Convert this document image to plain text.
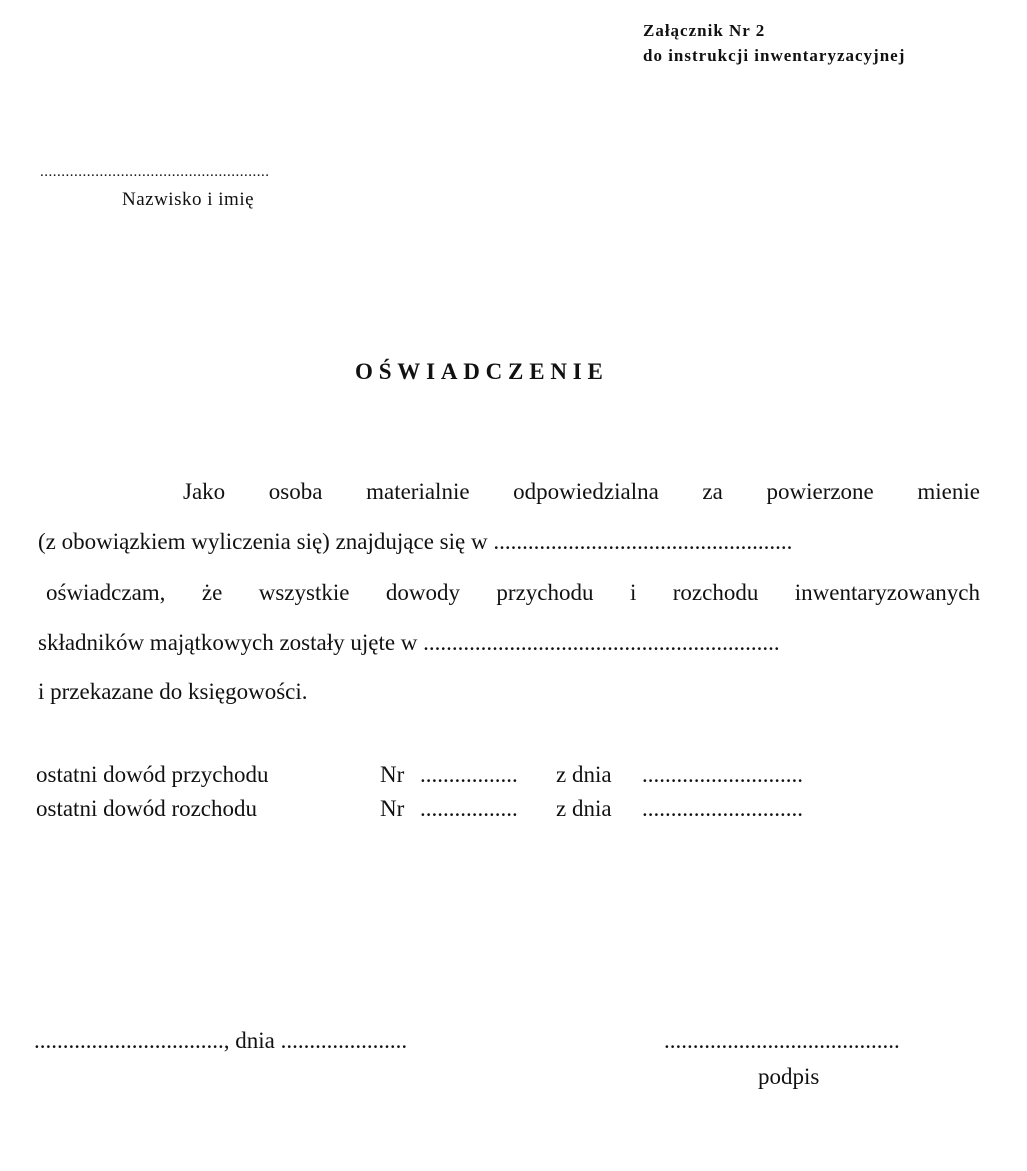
Załącznik Nr 2
do instrukcji inwentaryzacyjnej
......................................................
Nazwisko i imię
OŚWIADCZENIE
Jako osoba materialnie odpowiedzialna za powierzone mienie
(z obowiązkiem wyliczenia się) znajdujące się w ....................................................
oświadczam, że wszystkie dowody przychodu i rozchodu inwentaryzowanych
składników majątkowych zostały ujęte w ..............................................................
i przekazane do księgowości.
ostatni dowód przychodu	Nr ................. z dnia ............................
ostatni dowód rozchodu	Nr ................. z dnia ............................
................................., dnia ......................	.........................................
podpis
